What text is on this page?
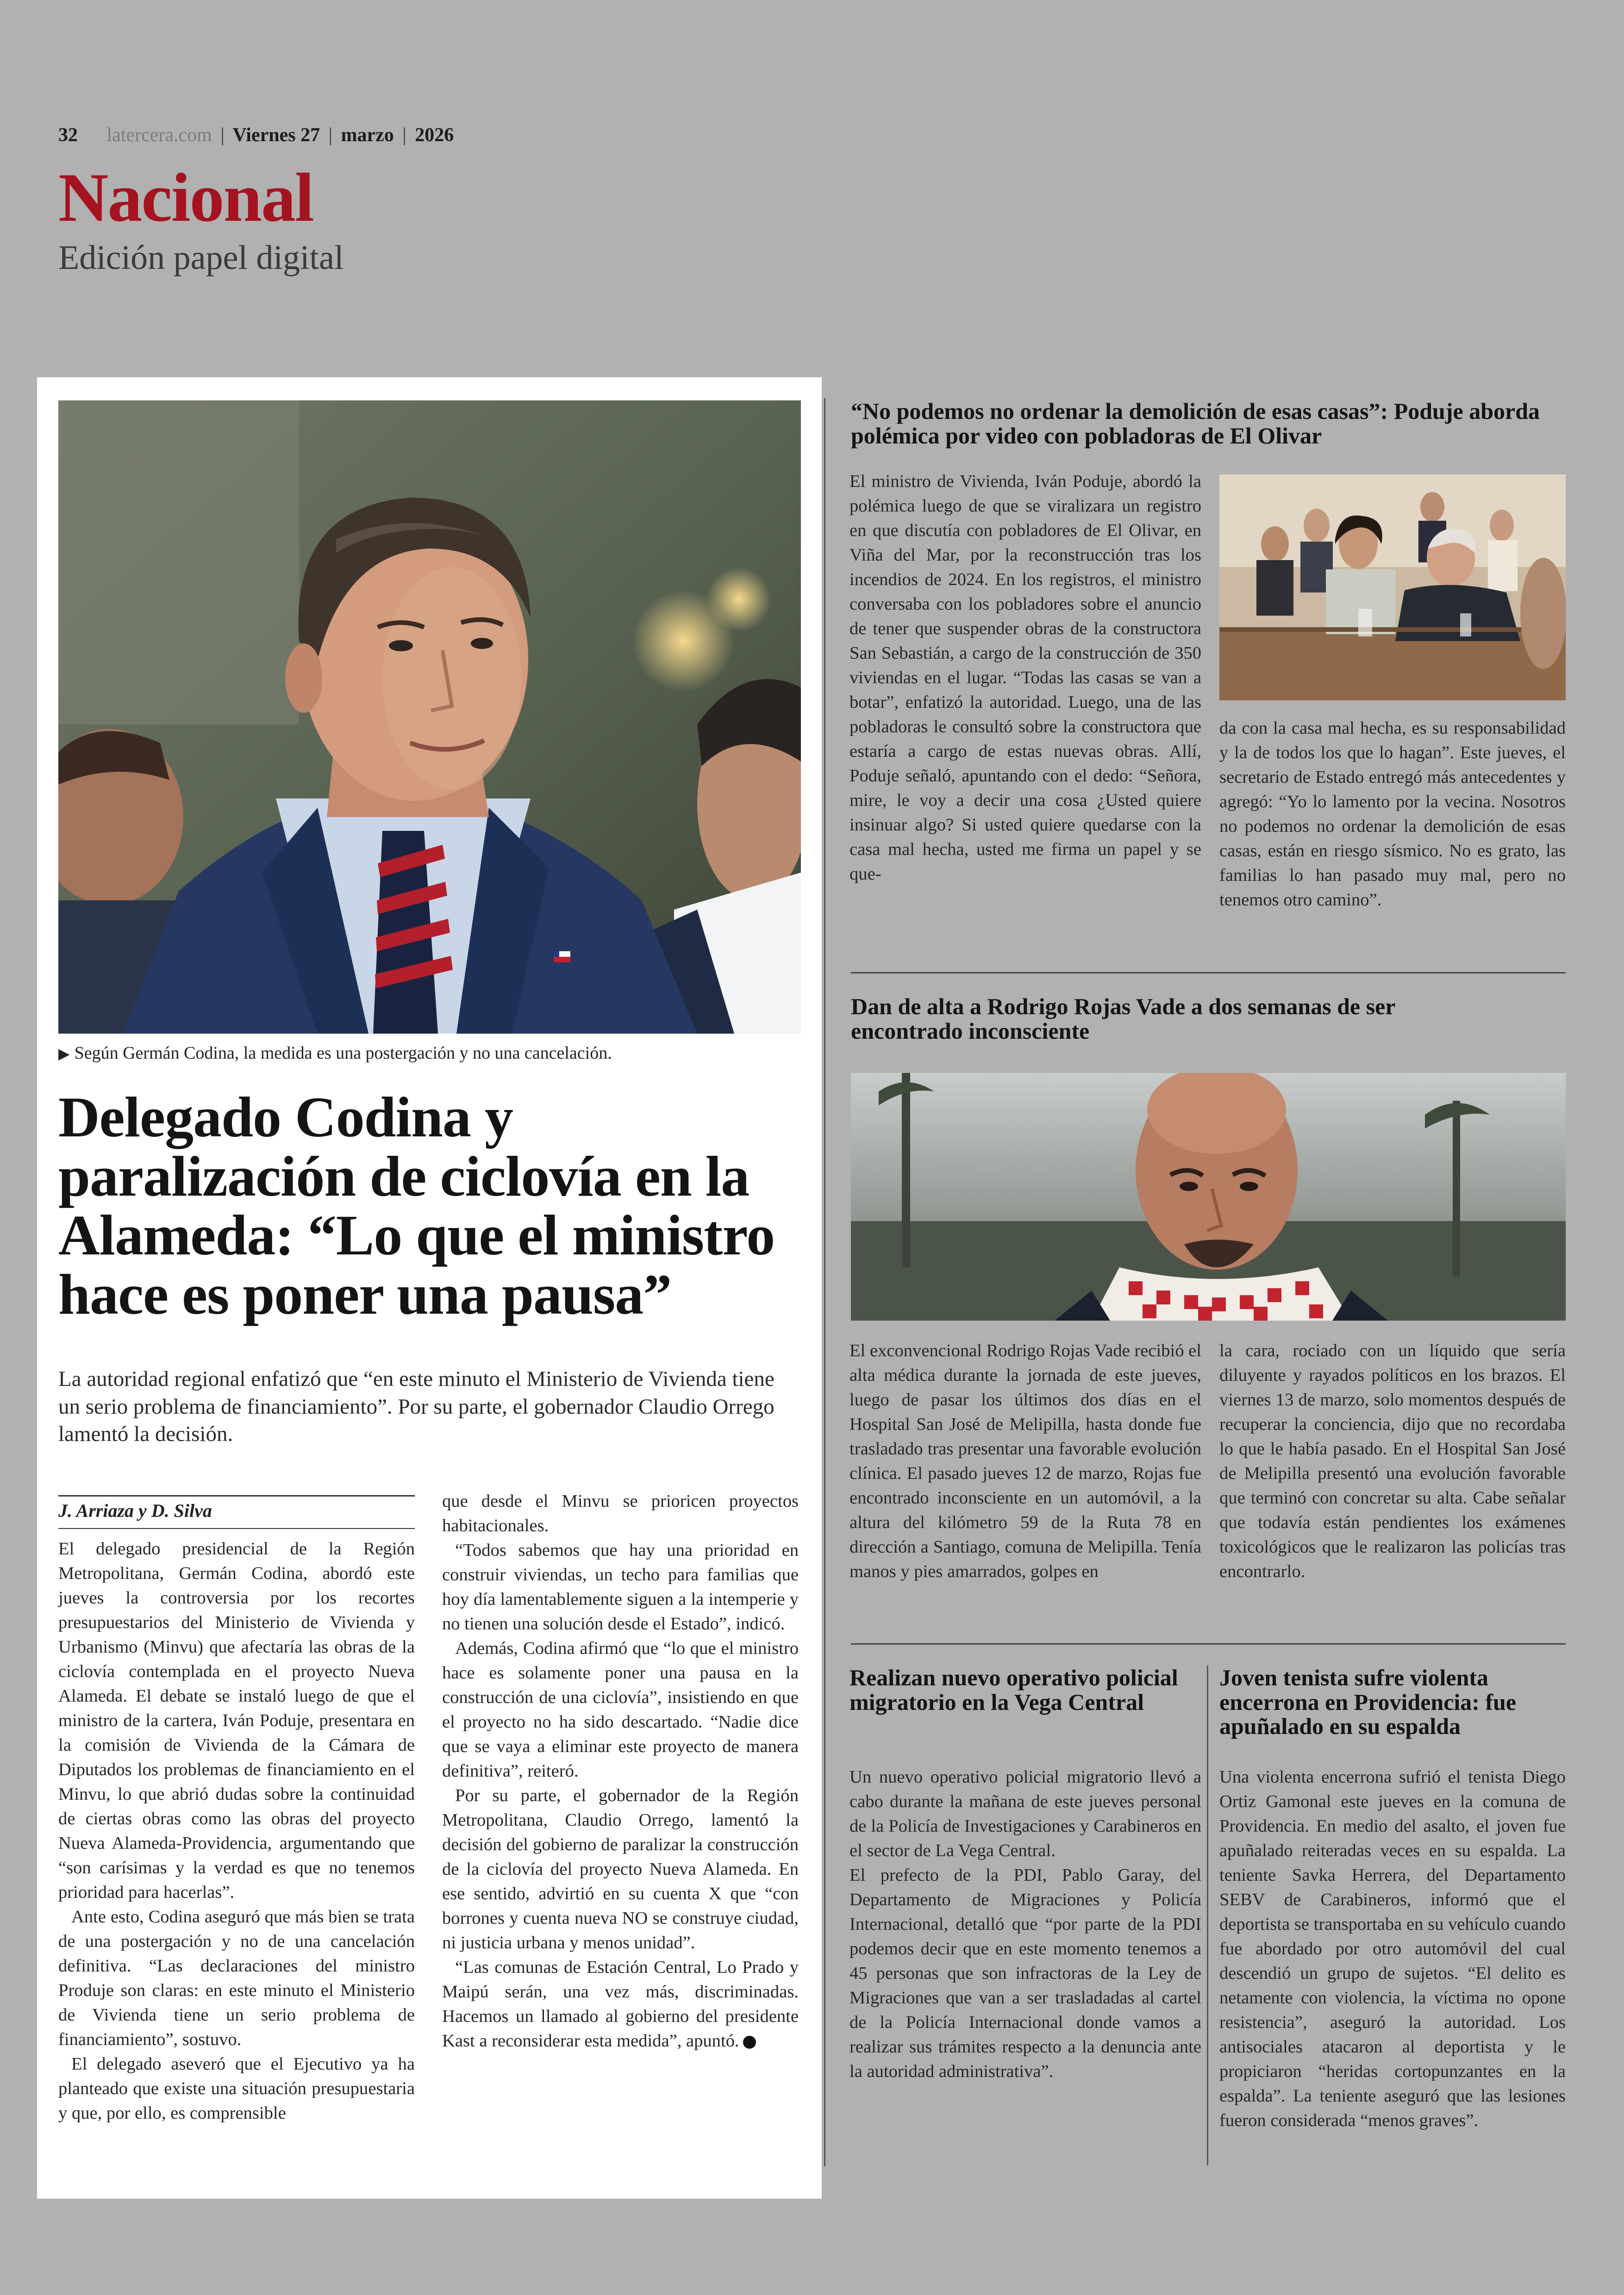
32 latercera.com | Viernes 27 | marzo | 2026
Nacional
Edición papel digital
▶ Según Germán Codina, la medida es una postergación y no una cancelación.
Delegado Codina y paralización de ciclovía en la Alameda: “Lo que el ministro hace es poner una pausa”
La autoridad regional enfatizó que “en este minuto el Ministerio de Vivienda tiene un serio problema de financiamiento”. Por su parte, el gobernador Claudio Orrego lamentó la decisión.
J. Arriaza y D. Silva

El delegado presidencial de la Región Metropolitana, Germán Codina, abordó este jueves la controversia por los recortes presupuestarios del Ministerio de Vivienda y Urbanismo (Minvu) que afectaría las obras de la ciclovía contemplada en el proyecto Nueva Alameda. El debate se instaló luego de que el ministro de la cartera, Iván Poduje, presentara en la comisión de Vivienda de la Cámara de Diputados los problemas de financiamiento en el Minvu, lo que abrió dudas sobre la continuidad de ciertas obras como las obras del proyecto Nueva Alameda-Providencia, argumentando que “son carísimas y la verdad es que no tenemos prioridad para hacerlas”.

Ante esto, Codina aseguró que más bien se trata de una postergación y no de una cancelación definitiva. “Las declaraciones del ministro Produje son claras: en este minuto el Ministerio de Vivienda tiene un serio problema de financiamiento”, sostuvo.

El delegado aseveró que el Ejecutivo ya ha planteado que existe una situación presupuestaria y que, por ello, es comprensible

que desde el Minvu se prioricen proyectos habitacionales.

“Todos sabemos que hay una prioridad en construir viviendas, un techo para familias que hoy día lamentablemente siguen a la intemperie y no tienen una solución desde el Estado”, indicó.

Además, Codina afirmó que “lo que el ministro hace es solamente poner una pausa en la construcción de una ciclovía”, insistiendo en que el proyecto no ha sido descartado. “Nadie dice que se vaya a eliminar este proyecto de manera definitiva”, reiteró.

Por su parte, el gobernador de la Región Metropolitana, Claudio Orrego, lamentó la decisión del gobierno de paralizar la construcción de la ciclovía del proyecto Nueva Alameda. En ese sentido, advirtió en su cuenta X que “con borrones y cuenta nueva NO se construye ciudad, ni justicia urbana y menos unidad”.

“Las comunas de Estación Central, Lo Prado y Maipú serán, una vez más, discriminadas. Hacemos un llamado al gobierno del presidente Kast a reconsiderar esta medida”, apuntó.

“No podemos no ordenar la demolición de esas casas”: Poduje aborda polémica por video con pobladoras de El Olivar

El ministro de Vivienda, Iván Poduje, abordó la polémica luego de que se viralizara un registro en que discutía con pobladores de El Olivar, en Viña del Mar, por la reconstrucción tras los incendios de 2024. En los registros, el ministro conversaba con los pobladores sobre el anuncio de tener que suspender obras de la constructora San Sebastián, a cargo de la construcción de 350 viviendas en el lugar. “Todas las casas se van a botar”, enfatizó la autoridad. Luego, una de las pobladoras le consultó sobre la constructora que estaría a cargo de estas nuevas obras. Allí, Poduje señaló, apuntando con el dedo: “Señora, mire, le voy a decir una cosa ¿Usted quiere insinuar algo? Si usted quiere quedarse con la casa mal hecha, usted me firma un papel y se que-

da con la casa mal hecha, es su responsabilidad y la de todos los que lo hagan”. Este jueves, el secretario de Estado entregó más antecedentes y agregó: “Yo lo lamento por la vecina. Nosotros no podemos no ordenar la demolición de esas casas, están en riesgo sísmico. No es grato, las familias lo han pasado muy mal, pero no tenemos otro camino”.

Dan de alta a Rodrigo Rojas Vade a dos semanas de ser encontrado inconsciente

El exconvencional Rodrigo Rojas Vade recibió el alta médica durante la jornada de este jueves, luego de pasar los últimos dos días en el Hospital San José de Melipilla, hasta donde fue trasladado tras presentar una favorable evolución clínica. El pasado jueves 12 de marzo, Rojas fue encontrado inconsciente en un automóvil, a la altura del kilómetro 59 de la Ruta 78 en dirección a Santiago, comuna de Melipilla. Tenía manos y pies amarrados, golpes en

la cara, rociado con un líquido que sería diluyente y rayados políticos en los brazos. El viernes 13 de marzo, solo momentos después de recuperar la conciencia, dijo que no recordaba lo que le había pasado. En el Hospital San José de Melipilla presentó una evolución favorable que terminó con concretar su alta. Cabe señalar que todavía están pendientes los exámenes toxicológicos que le realizaron las policías tras encontrarlo.

Realizan nuevo operativo policial migratorio en la Vega Central

Un nuevo operativo policial migratorio llevó a cabo durante la mañana de este jueves personal de la Policía de Investigaciones y Carabineros en el sector de La Vega Central.

El prefecto de la PDI, Pablo Garay, del Departamento de Migraciones y Policía Internacional, detalló que “por parte de la PDI podemos decir que en este momento tenemos a 45 personas que son infractoras de la Ley de Migraciones que van a ser trasladadas al cartel de la Policía Internacional donde vamos a realizar sus trámites respecto a la denuncia ante la autoridad administrativa”.

Joven tenista sufre violenta encerrona en Providencia: fue apuñalado en su espalda

Una violenta encerrona sufrió el tenista Diego Ortiz Gamonal este jueves en la comuna de Providencia. En medio del asalto, el joven fue apuñalado reiteradas veces en su espalda. La teniente Savka Herrera, del Departamento SEBV de Carabineros, informó que el deportista se transportaba en su vehículo cuando fue abordado por otro automóvil del cual descendió un grupo de sujetos. “El delito es netamente con violencia, la víctima no opone resistencia”, aseguró la autoridad. Los antisociales atacaron al deportista y le propiciaron “heridas cortopunzantes en la espalda”. La teniente aseguró que las lesiones fueron considerada “menos graves”.
